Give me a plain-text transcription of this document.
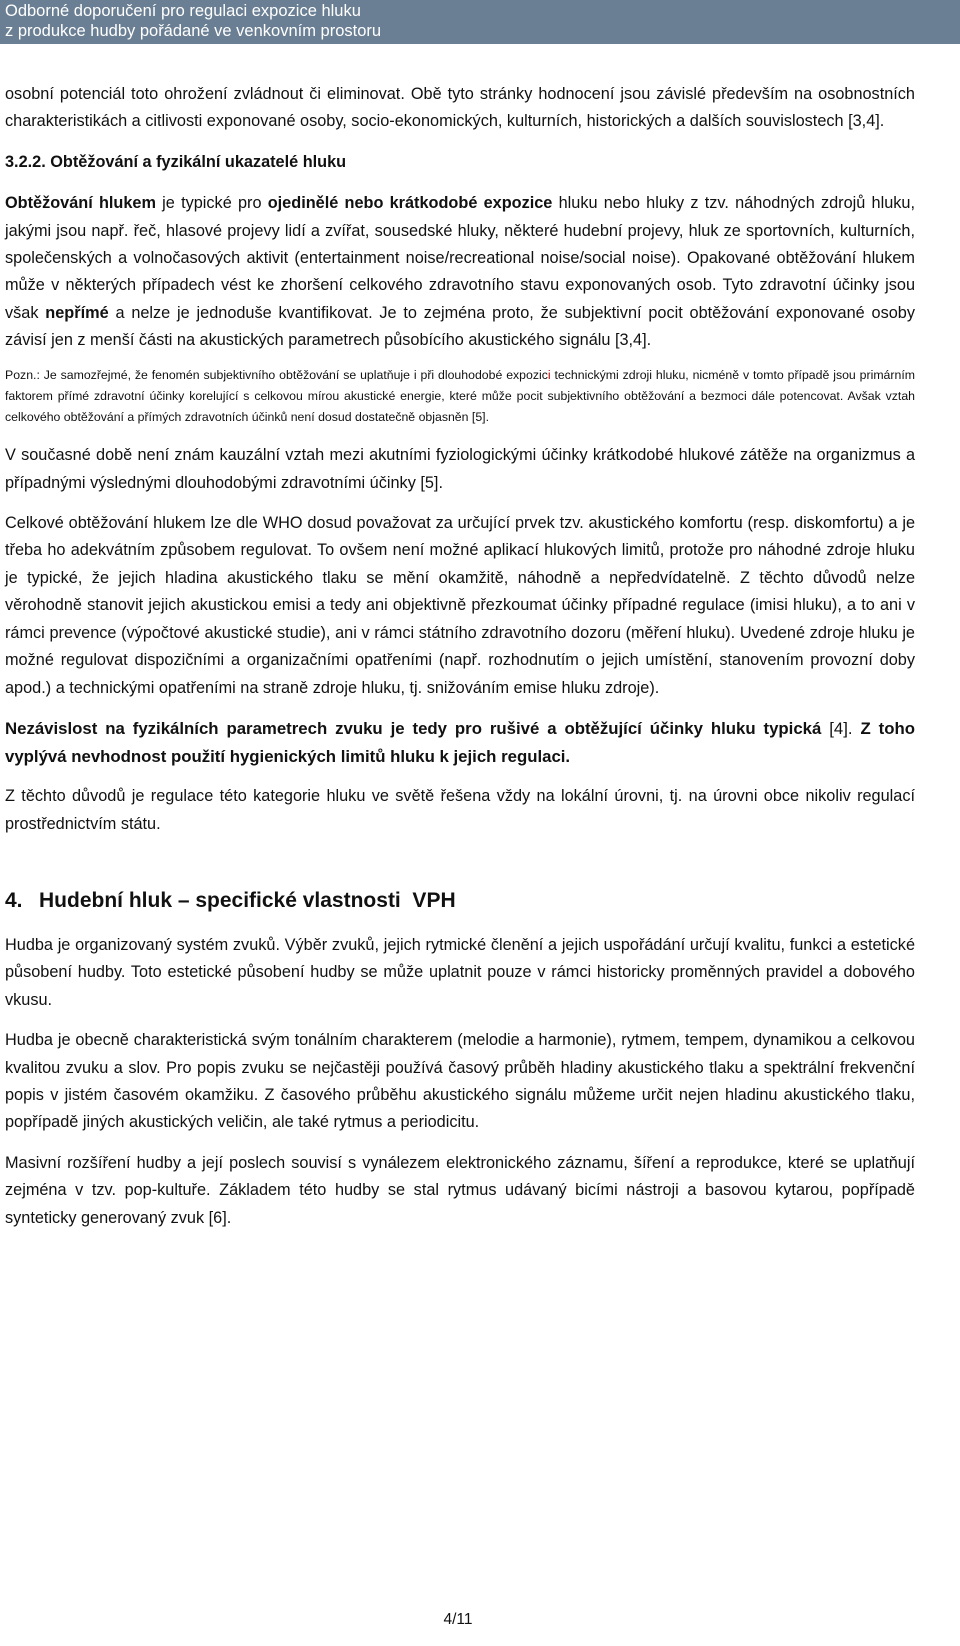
Odborné doporučení pro regulaci expozice hluku
z produkce hudby pořádané ve venkovním prostoru

osobní potenciál toto ohrožení zvládnout či eliminovat. Obě tyto stránky hodnocení jsou závislé především na osobnostních charakteristikách a citlivosti exponované osoby, socio-ekonomických, kulturních, historických a dalších souvislostech [3,4].

3.2.2. Obtěžování a fyzikální ukazatelé hluku

Obtěžování hlukem je typické pro ojedinělé nebo krátkodobé expozice hluku nebo hluky z tzv. náhodných zdrojů hluku, jakými jsou např. řeč, hlasové projevy lidí a zvířat, sousedské hluky, některé hudební projevy, hluk ze sportovních, kulturních, společenských a volnočasových aktivit (entertainment noise/recreational noise/social noise). Opakované obtěžování hlukem může v některých případech vést ke zhoršení celkového zdravotního stavu exponovaných osob. Tyto zdravotní účinky jsou však nepřímé a nelze je jednoduše kvantifikovat. Je to zejména proto, že subjektivní pocit obtěžování exponované osoby závisí jen z menší části na akustických parametrech působícího akustického signálu [3,4].

Pozn.: Je samozřejmé, že fenomén subjektivního obtěžování se uplatňuje i při dlouhodobé expozici technickými zdroji hluku, nicméně v tomto případě jsou primárním faktorem přímé zdravotní účinky korelující s celkovou mírou akustické energie, které může pocit subjektivního obtěžování a bezmoci dále potencovat. Avšak vztah celkového obtěžování a přímých zdravotních účinků není dosud dostatečně objasněn [5].

V současné době není znám kauzální vztah mezi akutními fyziologickými účinky krátkodobé hlukové zátěže na organizmus a případnými výslednými dlouhodobými zdravotními účinky [5].

Celkové obtěžování hlukem lze dle WHO dosud považovat za určující prvek tzv. akustického komfortu (resp. diskomfortu) a je třeba ho adekvátním způsobem regulovat. To ovšem není možné aplikací hlukových limitů, protože pro náhodné zdroje hluku je typické, že jejich hladina akustického tlaku se mění okamžitě, náhodně a nepředvídatelně. Z těchto důvodů nelze věrohodně stanovit jejich akustickou emisi a tedy ani objektivně přezkoumat účinky případné regulace (imisi hluku), a to ani v rámci prevence (výpočtové akustické studie), ani v rámci státního zdravotního dozoru (měření hluku). Uvedené zdroje hluku je možné regulovat dispozičními a organizačními opatřeními (např. rozhodnutím o jejich umístění, stanovením provozní doby apod.) a technickými opatřeními na straně zdroje hluku, tj. snižováním emise hluku zdroje).

Nezávislost na fyzikálních parametrech zvuku je tedy pro rušivé a obtěžující účinky hluku typická [4]. Z toho vyplývá nevhodnost použití hygienických limitů hluku k jejich regulaci.

Z těchto důvodů je regulace této kategorie hluku ve světě řešena vždy na lokální úrovni, tj. na úrovni obce nikoliv regulací prostřednictvím státu.

4. Hudební hluk – specifické vlastnosti  VPH

Hudba je organizovaný systém zvuků. Výběr zvuků, jejich rytmické členění a jejich uspořádání určují kvalitu, funkci a estetické působení hudby. Toto estetické působení hudby se může uplatnit pouze v rámci historicky proměnných pravidel a dobového vkusu.

Hudba je obecně charakteristická svým tonálním charakterem (melodie a harmonie), rytmem, tempem, dynamikou a celkovou kvalitou zvuku a slov. Pro popis zvuku se nejčastěji používá časový průběh hladiny akustického tlaku a spektrální frekvenční popis v jistém časovém okamžiku. Z časového průběhu akustického signálu můžeme určit nejen hladinu akustického tlaku, popřípadě jiných akustických veličin, ale také rytmus a periodicitu.

Masivní rozšíření hudby a její poslech souvisí s vynálezem elektronického záznamu, šíření a reprodukce, které se uplatňují zejména v tzv. pop-kultuře. Základem této hudby se stal rytmus udávaný bicími nástroji a basovou kytarou, popřípadě synteticky generovaný zvuk [6].

4/11
